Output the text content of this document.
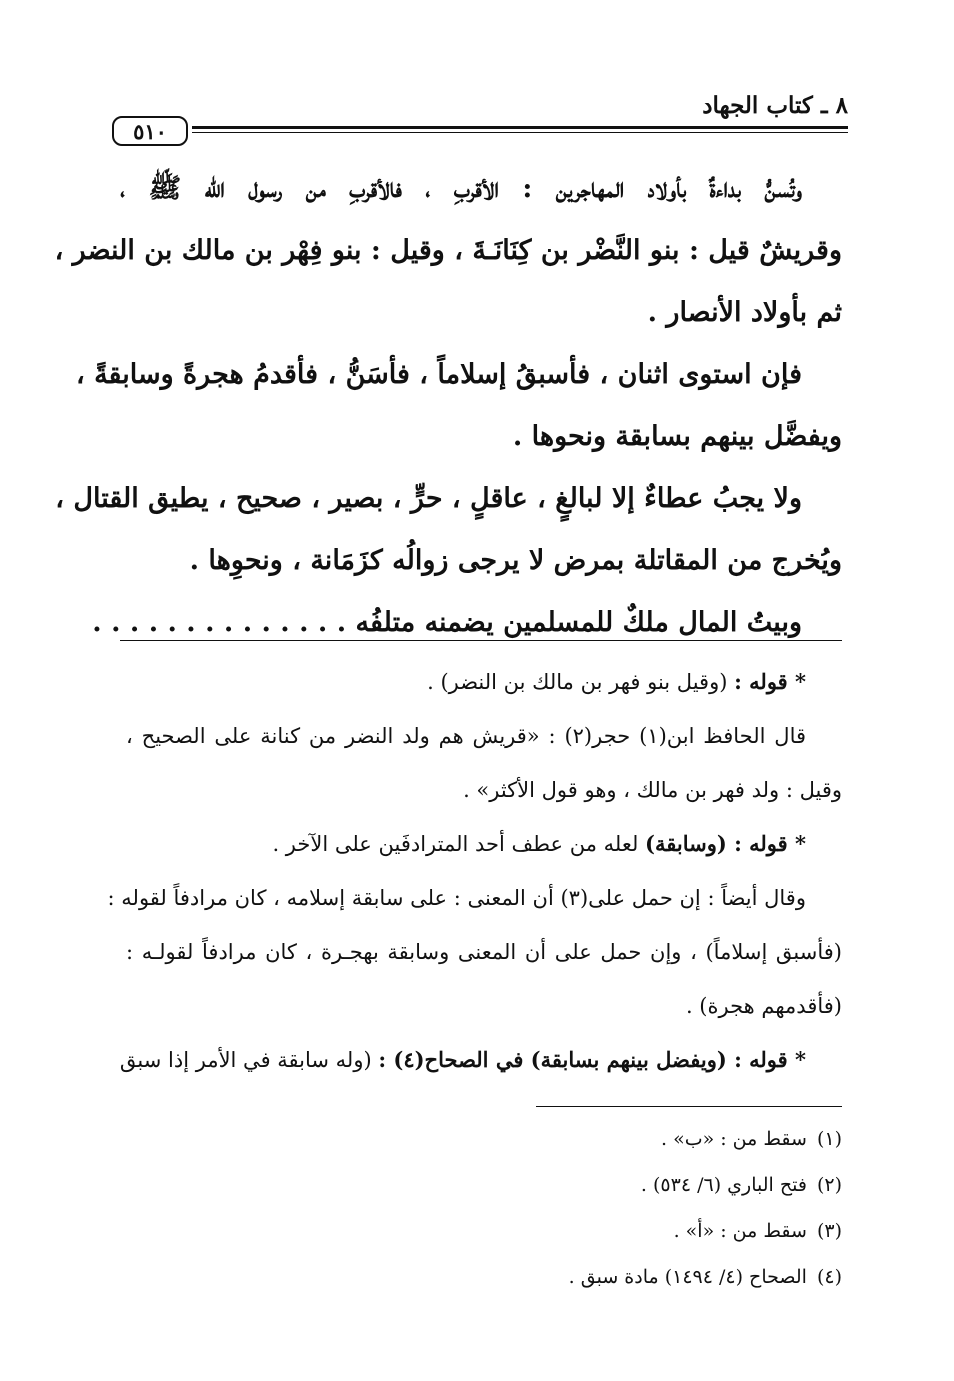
٨ ـ كتاب الجهاد
٥١٠
وتُسنُّ بداءةٌ بأولاد المهاجرين : الأقربِ ، فالأقربِ من رسول الله ﷺ ،
وقريشٌ قيل : بنو النَّضْر بن كِنَانَـةَ ، وقيل : بنو فِهْر بن مالك بن النضر ،
ثم بأولاد الأنصار .
فإن استوى اثنان ، فأسبقُ إسلاماً ، فأسَنُّ ، فأقدمُ هجرةً وسابقةً ،
ويفضَّل بينهم بسابقة ونحوها .
ولا يجبُ عطاءٌ إلا لبالغٍ ، عاقلٍ ، حرٍّ ، بصير ، صحيح ، يطيق القتال ،
ويُخرج من المقاتلة بمرض لا يرجى زوالُه كزَمَانة ، ونحوِها .
وبيتُ المال ملكٌ للمسلمين يضمنه متلفُه . . . . . . . . . . . . . .
* قوله : (وقيل بنو فهر بن مالك بن النضر) .
قال الحافظ ابن(١) حجر(٢) : «قريش هم ولد النضر من كنانة على الصحيح ،
وقيل : ولد فهر بن مالك ، وهو قول الأكثر» .
* قوله : (وسابقة) لعله من عطف أحد المترادفَين على الآخر .
وقال أيضاً : إن حمل على(٣) أن المعنى : على سابقة إسلامه ، كان مرادفاً لقوله :
(فأسبق إسلاماً) ، وإن حمل على أن المعنى وسابقة بهجـرة ، كان مرادفاً لقولـه :
(فأقدمهم هجرة) .
* قوله : (ويفضل بينهم بسابقة) في الصحاح(٤) : (وله سابقة في الأمر إذا سبق
(١)سقط من : «ب» .
(٢)فتح الباري (٦/ ٥٣٤) .
(٣)سقط من : «أ» .
(٤)الصحاح (٤/ ١٤٩٤) مادة سبق .
